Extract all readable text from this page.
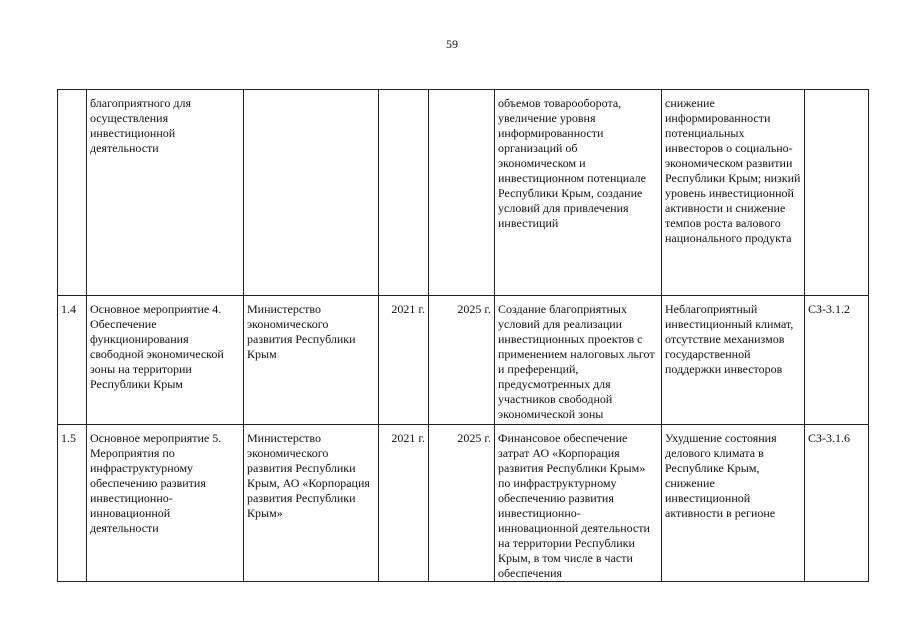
59
	благоприятного для осуществления инвестиционной деятельности				объемов товарооборота, увеличение уровня информированности организаций об экономическом и инвестиционном потенциале Республики Крым, создание условий для привлечения инвестиций	снижение информированности потенциальных инвесторов о социально-экономическом развитии Республики Крым; низкий уровень инвестиционной активности и снижение темпов роста валового национального продукта	
1.4	Основное мероприятие 4. Обеспечение функционирования свободной экономической зоны на территории Республики Крым	Министерство экономического развития Республики Крым	2021 г.	2025 г.	Создание благоприятных условий для реализации инвестиционных проектов с применением налоговых льгот и преференций, предусмотренных для участников свободной экономической зоны	Неблагоприятный инвестиционный климат, отсутствие механизмов государственной поддержки инвесторов	СЗ-3.1.2
1.5	Основное мероприятие 5. Мероприятия по инфраструктурному обеспечению развития инвестиционно-инновационной деятельности	Министерство экономического развития Республики Крым, АО «Корпорация развития Республики Крым»	2021 г.	2025 г.	Финансовое обеспечение затрат АО «Корпорация развития Республики Крым» по инфраструктурному обеспечению развития инвестиционно-инновационной деятельности на территории Республики Крым, в том числе в части обеспечения	Ухудшение состояния делового климата в Республике Крым, снижение инвестиционной активности в регионе	СЗ-3.1.6
